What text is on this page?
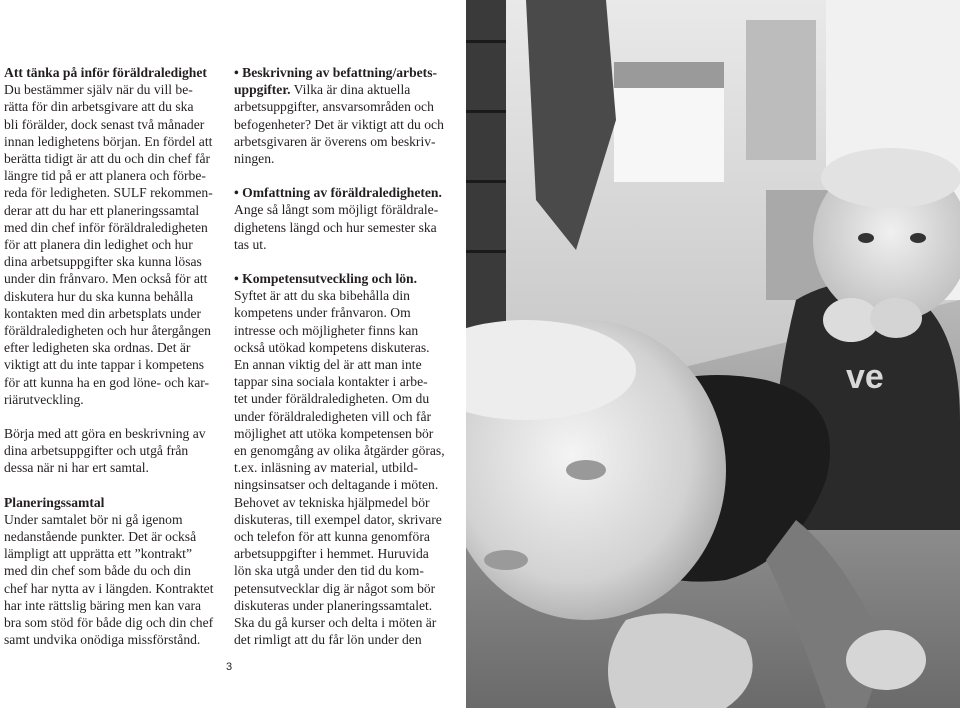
Att tänka på inför föräldraledighet
Du bestämmer själv när du vill be-
rätta för din arbetsgivare att du ska
bli förälder, dock senast två månader
innan ledighetens början. En fördel att
berätta tidigt är att du och din chef får
längre tid på er att planera och förbe-
reda för ledigheten. SULF rekommen-
derar att du har ett planeringssamtal
med din chef inför föräldraledigheten
för att planera din ledighet och hur
dina arbetsuppgifter ska kunna lösas
under din frånvaro. Men också för att
diskutera hur du ska kunna behålla
kontakten med din arbetsplats under
föräldraledigheten och hur återgången
efter ledigheten ska ordnas. Det är
viktigt att du inte tappar i kompetens
för att kunna ha en god löne- och kar-
riärutveckling.
Börja med att göra en beskrivning av
dina arbetsuppgifter och utgå från
dessa när ni har ert samtal.
Planeringssamtal
Under samtalet bör ni gå igenom
nedanstående punkter. Det är också
lämpligt att upprätta ett ”kontrakt”
med din chef som både du och din
chef har nytta av i längden. Kontraktet
har inte rättslig bäring men kan vara
bra som stöd för både dig och din chef
samt undvika onödiga missförstånd.
• Beskrivning av befattning/arbets-
uppgifter. Vilka är dina aktuella
arbetsuppgifter, ansvarsområden och
befogenheter? Det är viktigt att du och
arbetsgivaren är överens om beskriv-
ningen.
• Omfattning av föräldraledigheten.
Ange så långt som möjligt föräldrale-
dighetens längd och hur semester ska
tas ut.
• Kompetensutveckling och lön.
Syftet är att du ska bibehålla din
kompetens under frånvaron. Om
intresse och möjligheter finns kan
också utökad kompetens diskuteras.
En annan viktig del är att man inte
tappar sina sociala kontakter i arbe-
tet under föräldraledigheten. Om du
under föräldraledigheten vill och får
möjlighet att utöka kompetensen bör
en genomgång av olika åtgärder göras,
t.ex. inläsning av material, utbild-
ningsinsatser och deltagande i möten.
Behovet av tekniska hjälpmedel bör
diskuteras, till exempel dator, skrivare
och telefon för att kunna genomföra
arbetsuppgifter i hemmet. Huruvida
lön ska utgå under den tid du kom-
petensutvecklar dig är något som bör
diskuteras under planeringssamtalet.
Ska du gå kurser och delta i möten är
det rimligt att du får lön under den
3
ve
